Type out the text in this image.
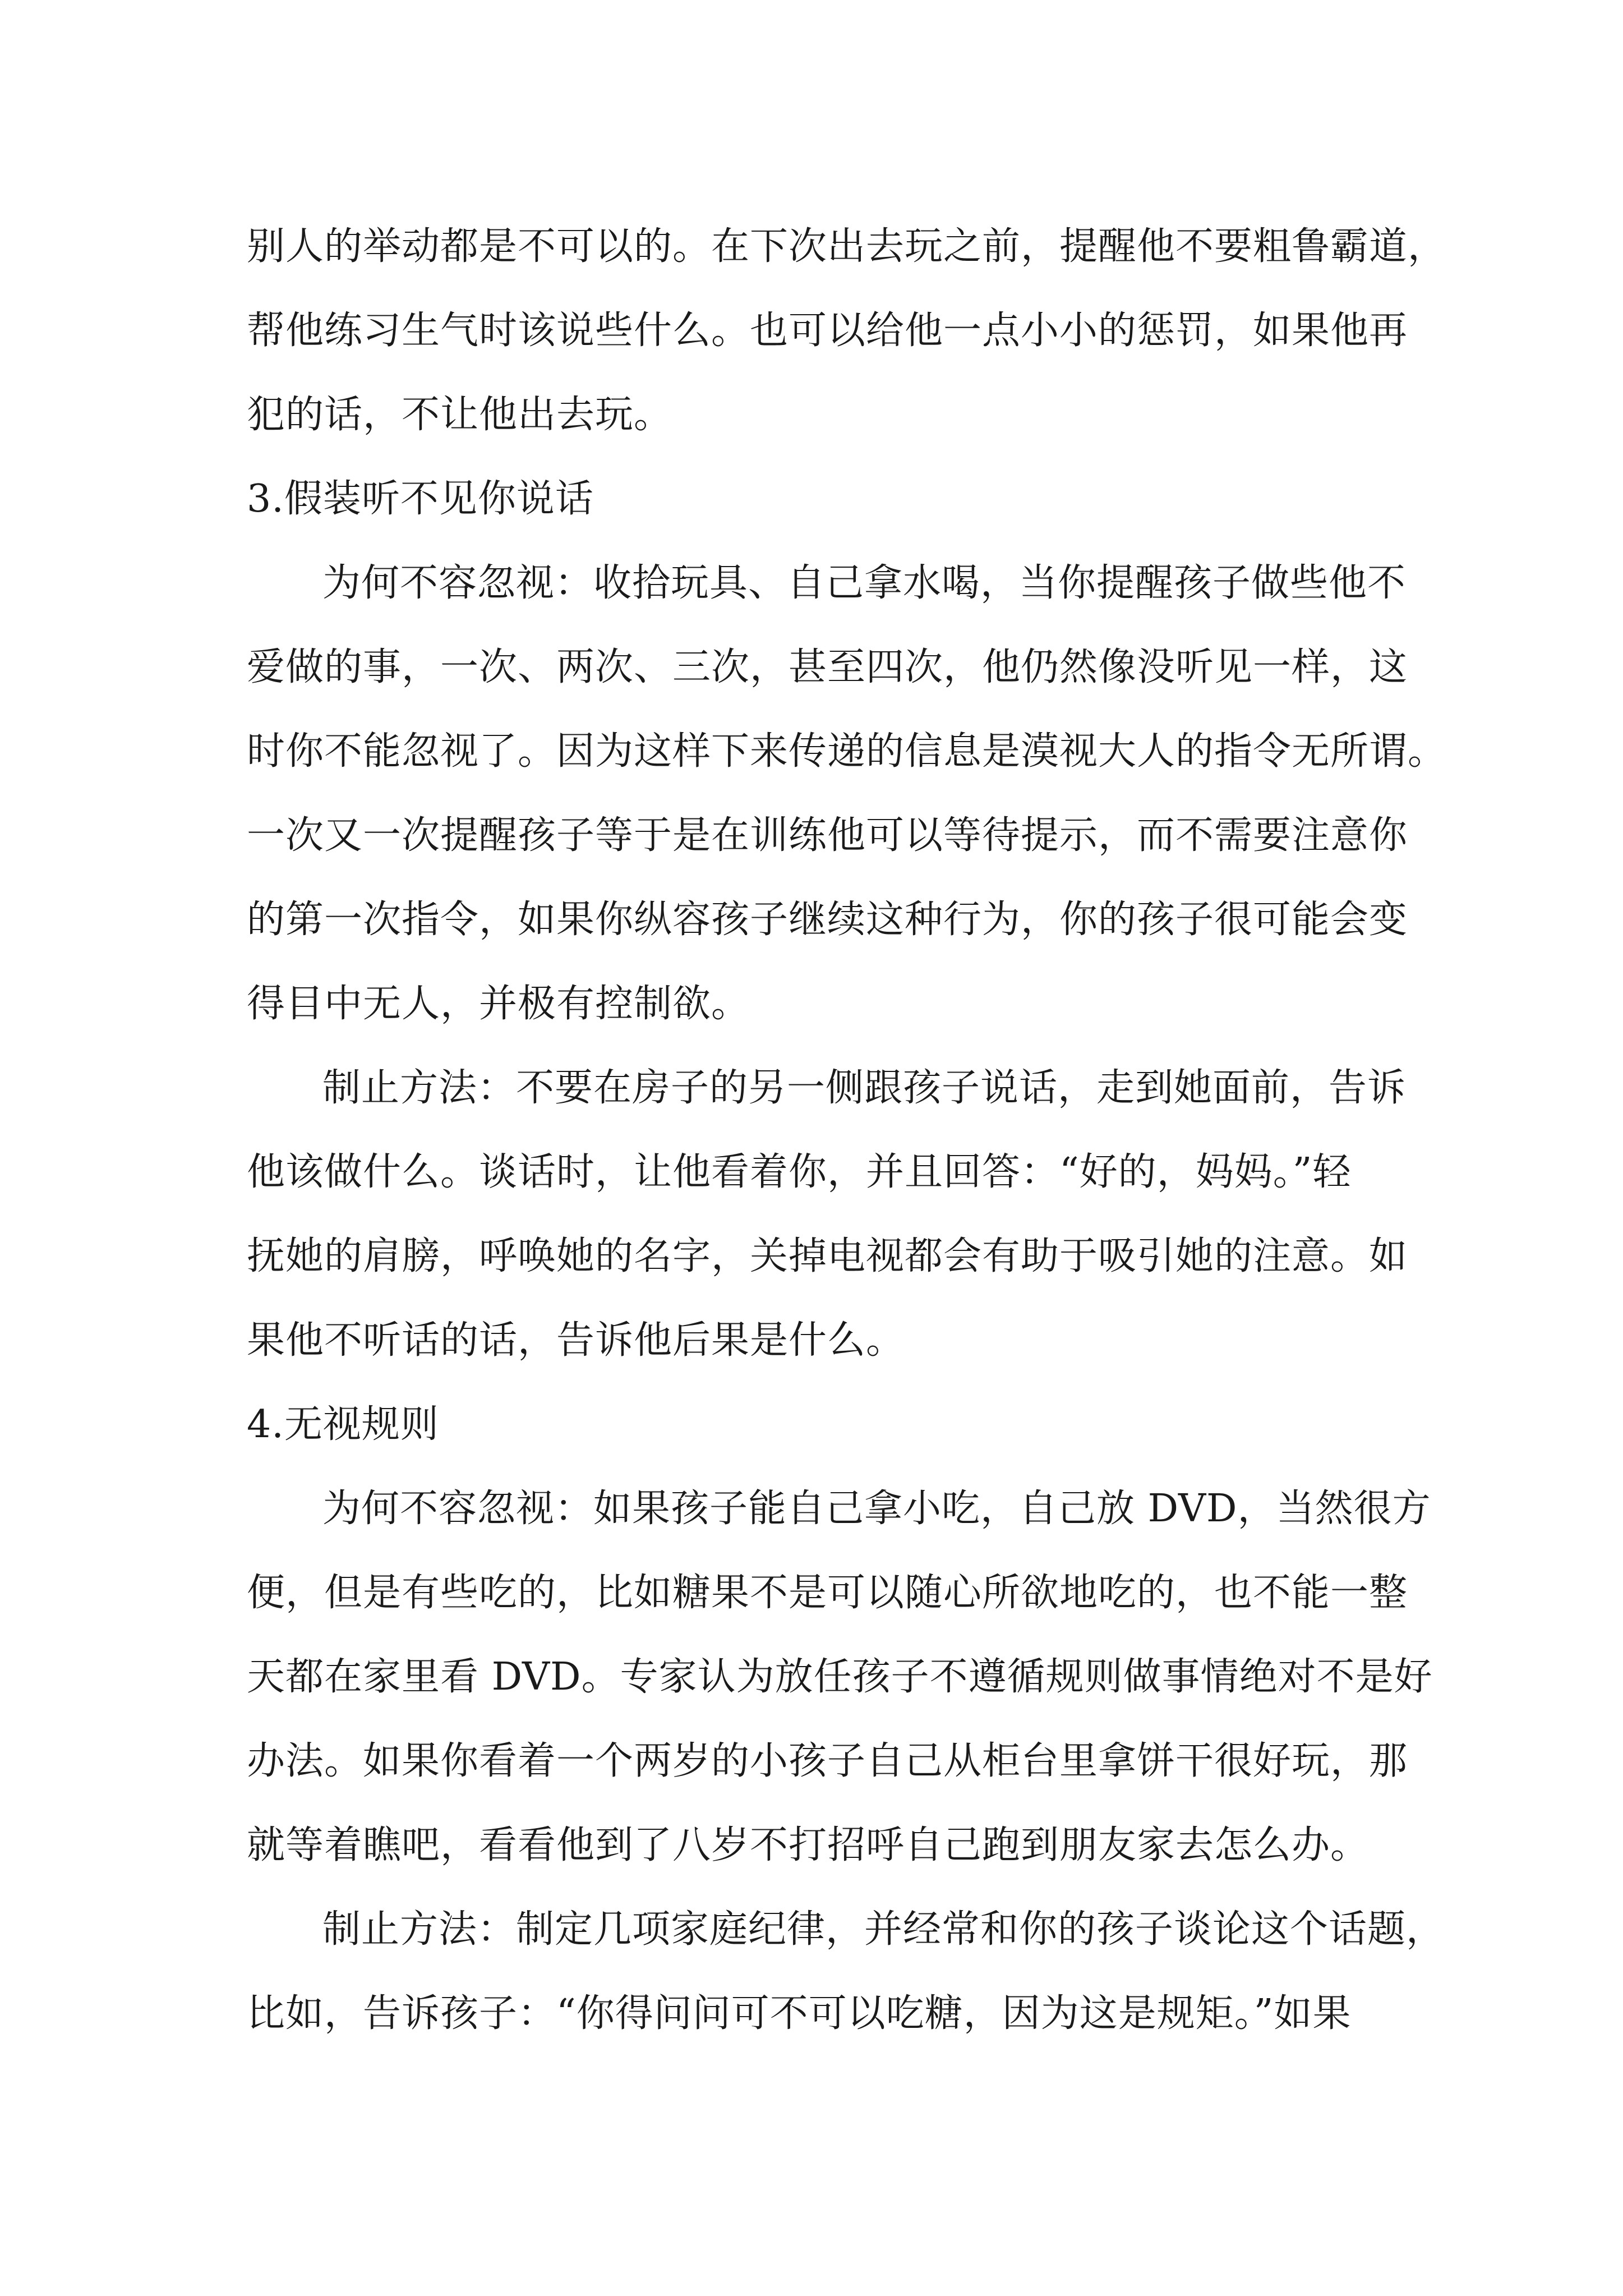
别人的举动都是不可以的。在下次出去玩之前，提醒他不要粗鲁霸道，
帮他练习生气时该说些什么。也可以给他一点小小的惩罚，如果他再
犯的话，不让他出去玩。
3.假装听不见你说话
为何不容忽视：收拾玩具、自己拿水喝，当你提醒孩子做些他不
爱做的事，一次、两次、三次，甚至四次，他仍然像没听见一样，这
时你不能忽视了。因为这样下来传递的信息是漠视大人的指令无所谓。
一次又一次提醒孩子等于是在训练他可以等待提示，而不需要注意你
的第一次指令，如果你纵容孩子继续这种行为，你的孩子很可能会变
得目中无人，并极有控制欲。
制止方法：不要在房子的另一侧跟孩子说话，走到她面前，告诉
他该做什么。谈话时，让他看着你，并且回答：“好的，妈妈。”轻
抚她的肩膀，呼唤她的名字，关掉电视都会有助于吸引她的注意。如
果他不听话的话，告诉他后果是什么。
4.无视规则
为何不容忽视：如果孩子能自己拿小吃，自己放 DVD，当然很方
便，但是有些吃的，比如糖果不是可以随心所欲地吃的，也不能一整
天都在家里看 DVD。专家认为放任孩子不遵循规则做事情绝对不是好
办法。如果你看着一个两岁的小孩子自己从柜台里拿饼干很好玩，那
就等着瞧吧，看看他到了八岁不打招呼自己跑到朋友家去怎么办。
制止方法：制定几项家庭纪律，并经常和你的孩子谈论这个话题，
比如，告诉孩子：“你得问问可不可以吃糖，因为这是规矩。”如果
